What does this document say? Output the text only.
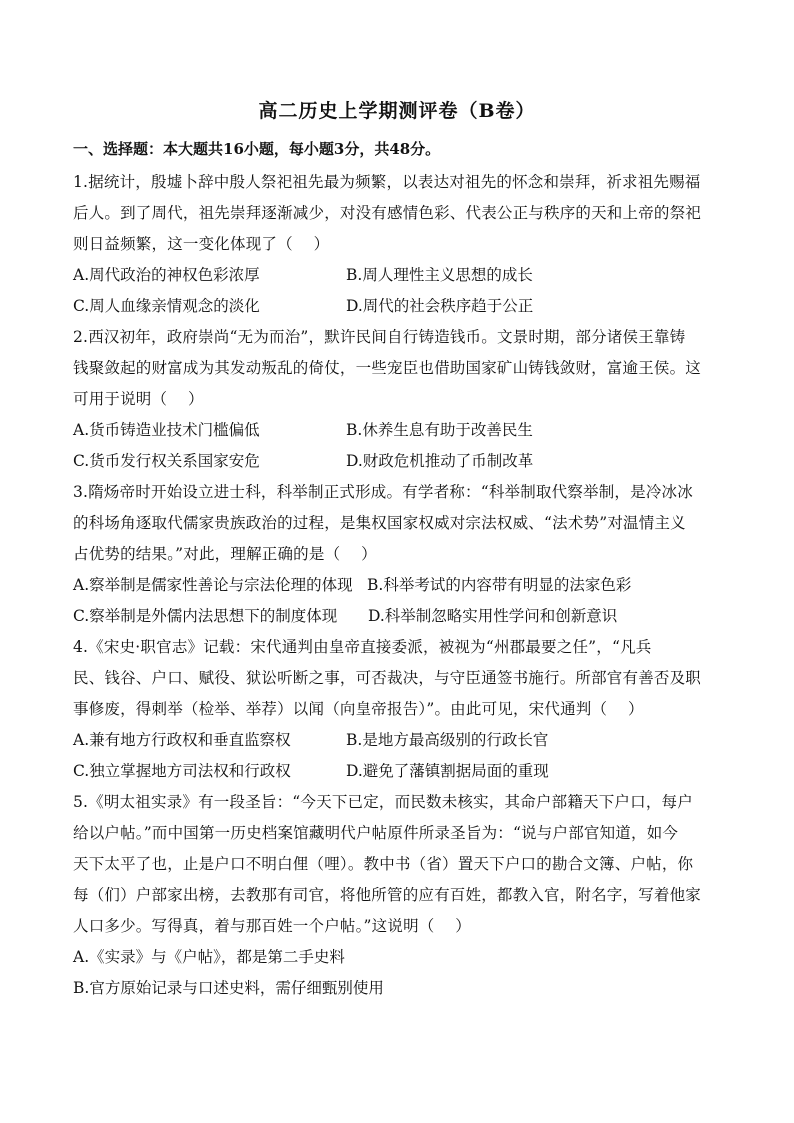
高二历史上学期测评卷（B卷）
一、选择题：本大题共16小题，每小题3分，共48分。
1.据统计，殷墟卜辞中殷人祭祀祖先最为频繁，以表达对祖先的怀念和崇拜，祈求祖先赐福
后人。到了周代，祖先崇拜逐渐减少，对没有感情色彩、代表公正与秩序的天和上帝的祭祀
则日益频繁，这一变化体现了（　 ）
A.周代政治的神权色彩浓厚	B.周人理性主义思想的成长
C.周人血缘亲情观念的淡化	D.周代的社会秩序趋于公正
2.西汉初年，政府崇尚“无为而治”，默许民间自行铸造钱币。文景时期，部分诸侯王靠铸
钱聚敛起的财富成为其发动叛乱的倚仗，一些宠臣也借助国家矿山铸钱敛财，富逾王侯。这
可用于说明（　 ）
A.货币铸造业技术门槛偏低	B.休养生息有助于改善民生
C.货币发行权关系国家安危	D.财政危机推动了币制改革
3.隋炀帝时开始设立进士科，科举制正式形成。有学者称：“科举制取代察举制，是冷冰冰
的科场角逐取代儒家贵族政治的过程，是集权国家权威对宗法权威、“法术势”对温情主义
占优势的结果。”对此，理解正确的是（　 ）
A.察举制是儒家性善论与宗法伦理的体现 B.科举考试的内容带有明显的法家色彩
C.察举制是外儒内法思想下的制度体现 D.科举制忽略实用性学问和创新意识
4.《宋史·职官志》记载：宋代通判由皇帝直接委派，被视为“州郡最要之任”，“凡兵
民、钱谷、户口、赋役、狱讼听断之事，可否裁决，与守臣通签书施行。所部官有善否及职
事修废，得刺举（检举、举荐）以闻（向皇帝报告）”。由此可见，宋代通判（　 ）
A.兼有地方行政权和垂直监察权	B.是地方最高级别的行政长官
C.独立掌握地方司法权和行政权	D.避免了藩镇割据局面的重现
5.《明太祖实录》有一段圣旨：“今天下已定，而民数未核实，其命户部籍天下户口，每户
给以户帖。”而中国第一历史档案馆藏明代户帖原件所录圣旨为：“说与户部官知道，如今
天下太平了也，止是户口不明白俚（哩）。教中书（省）置天下户口的勘合文簿、户帖，你
每（们）户部家出榜，去教那有司官，将他所管的应有百姓，都教入官，附名字，写着他家
人口多少。写得真，着与那百姓一个户帖。”这说明（　 ）
A.《实录》与《户帖》，都是第二手史料
B.官方原始记录与口述史料，需仔细甄别使用
